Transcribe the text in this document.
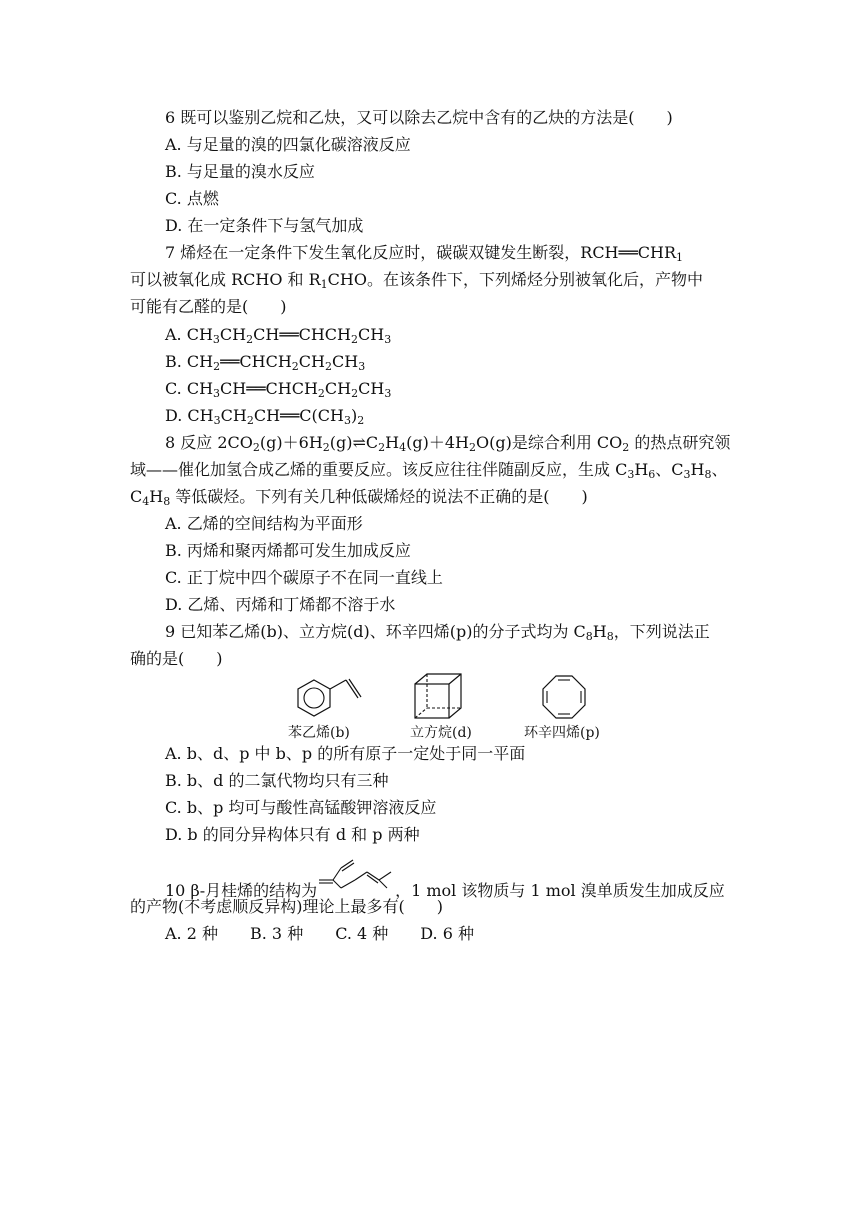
6 既可以鉴别乙烷和乙炔，又可以除去乙烷中含有的乙炔的方法是(　　)
A. 与足量的溴的四氯化碳溶液反应
B. 与足量的溴水反应
C. 点燃
D. 在一定条件下与氢气加成
7 烯烃在一定条件下发生氧化反应时，碳碳双键发生断裂，$RCH══CHR_1$
可以被氧化成 RCHO 和 $R_1CHO$。在该条件下，下列烯烃分别被氧化后，产物中
可能有乙醛的是(　　)
A. $CH_3CH_2CH══CHCH_2CH_3$
B. $CH_2══CHCH_2CH_2CH_3$
C. $CH_3CH══CHCH_2CH_2CH_3$
D. $CH_3CH_2CH══C(CH_3)_2$
8 反应 $2CO_2(g)+6H_2(g)\rightleftharpoons C_2H_4(g)+4H_2O(g)$是综合利用 $CO_2$ 的热点研究领
域——催化加氢合成乙烯的重要反应。该反应往往伴随副反应，生成 $C_3H_6$、$C_3H_8$、
$C_4H_8$ 等低碳烃。下列有关几种低碳烯烃的说法不正确的是(　　)
A. 乙烯的空间结构为平面形
B. 丙烯和聚丙烯都可发生加成反应
C. 正丁烷中四个碳原子不在同一直线上
D. 乙烯、丙烯和丁烯都不溶于水
9 已知苯乙烯(b)、立方烷(d)、环辛四烯(p)的分子式均为 $C_8H_8$，下列说法正
确的是(　　)
苯乙烯(b)	立方烷(d)	环辛四烯(p)
A. b、d、p 中 b、p 的所有原子一定处于同一平面
B. b、d 的二氯代物均只有三种
C. b、p 均可与酸性高锰酸钾溶液反应
D. b 的同分异构体只有 d 和 p 两种
10 β-月桂烯的结构为	，1 mol 该物质与 1 mol 溴单质发生加成反应
的产物(不考虑顺反异构)理论上最多有(　　)
A. 2 种　　B. 3 种　　C. 4 种　　D. 6 种
